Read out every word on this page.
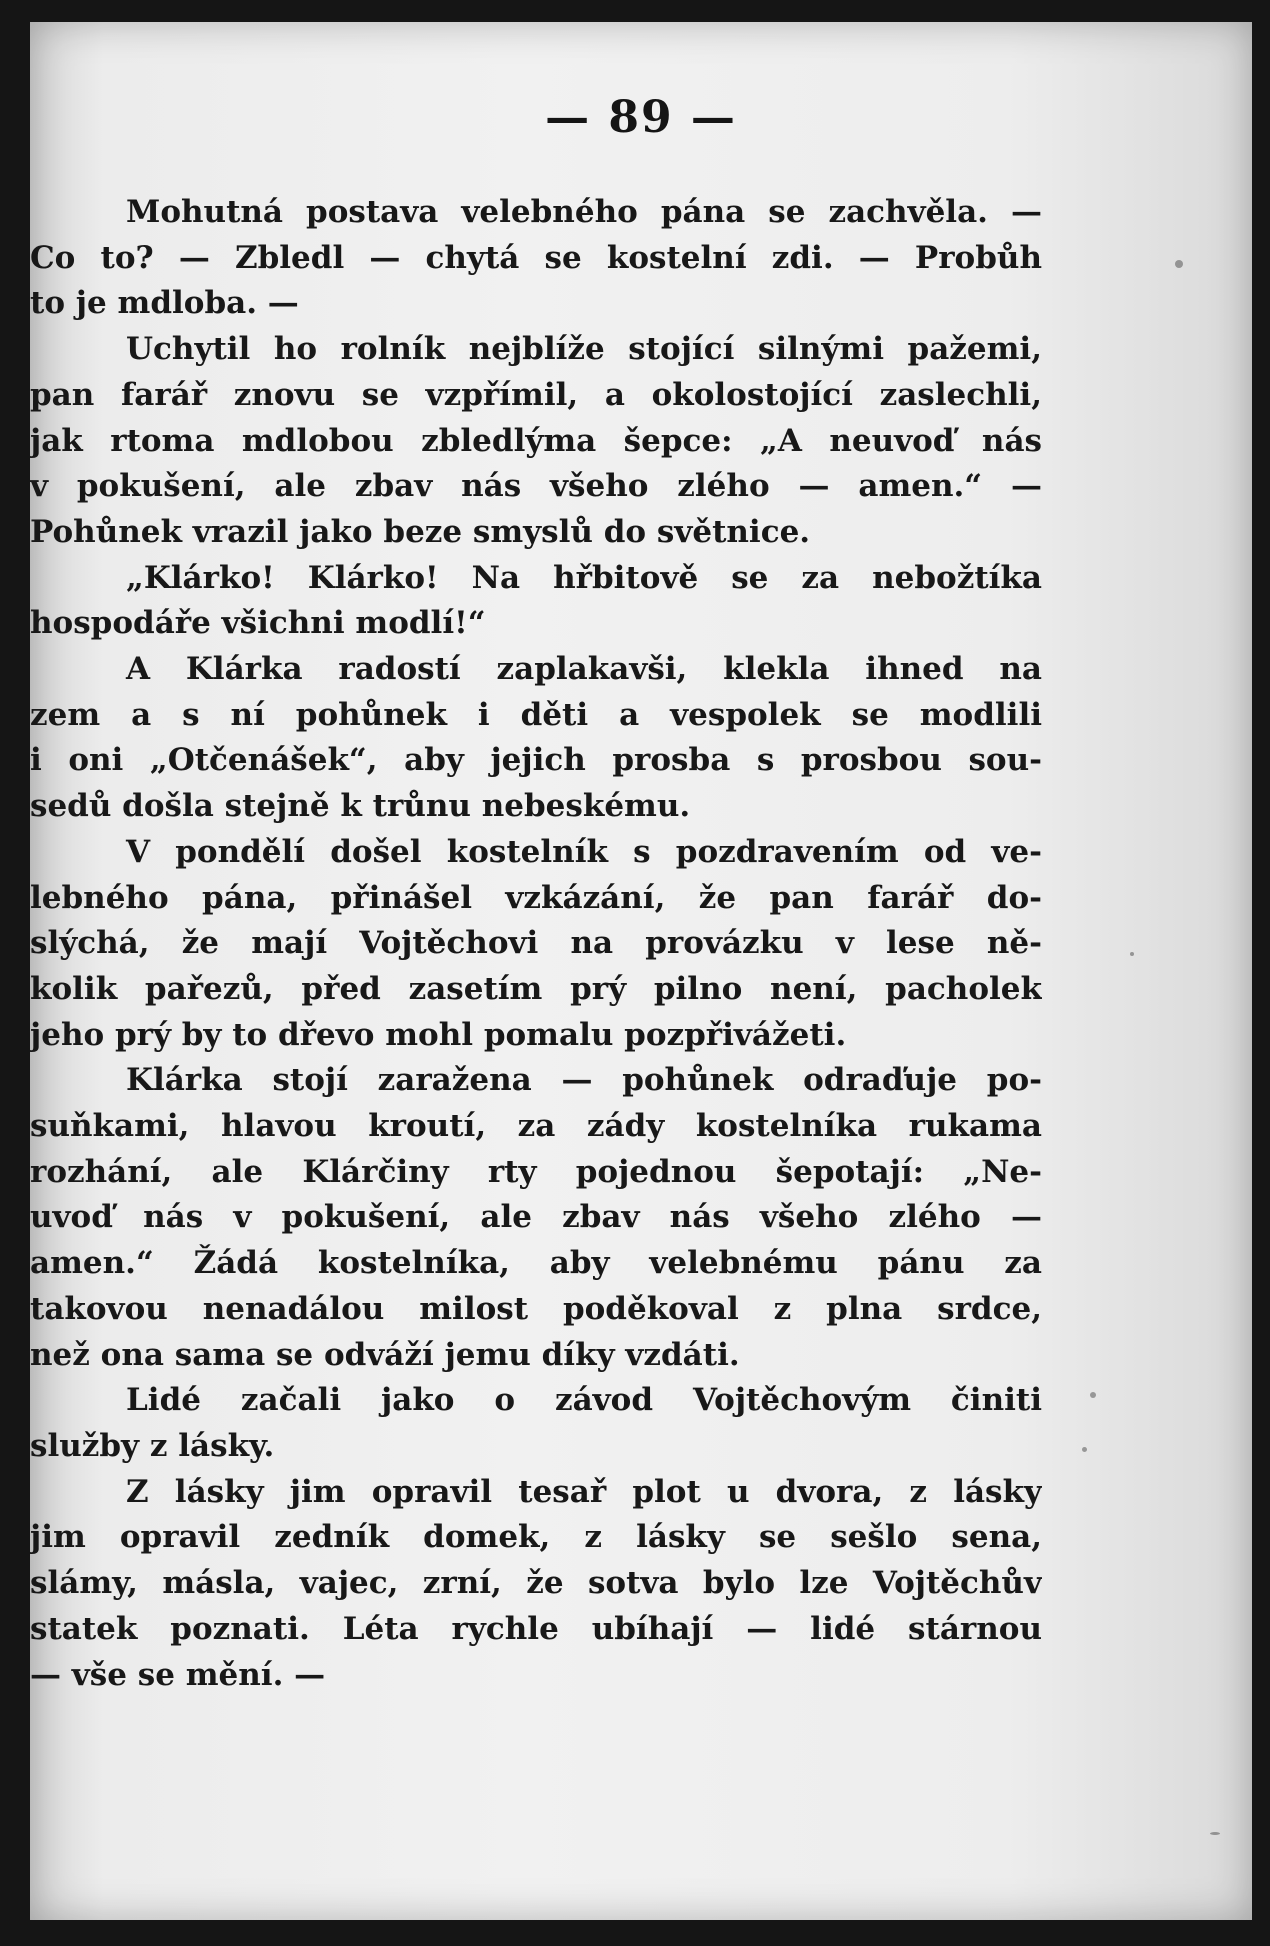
— 89 —
Mohutná postava velebného pána se zachvěla. —
Co to? — Zbledl — chytá se kostelní zdi. — Probůh
to je mdloba. —
Uchytil ho rolník nejblíže stojící silnými pažemi,
pan farář znovu se vzpřímil, a okolostojící zaslechli,
jak rtoma mdlobou zbledlýma šepce: „A neuvoď nás
v pokušení, ale zbav nás všeho zlého — amen.“ —
Pohůnek vrazil jako beze smyslů do světnice.
„Klárko! Klárko! Na hřbitově se za nebožtíka
hospodáře všichni modlí!“
A Klárka radostí zaplakavši, klekla ihned na
zem a s ní pohůnek i děti a vespolek se modlili
i oni „Otčenášek“, aby jejich prosba s prosbou sou-
sedů došla stejně k trůnu nebeskému.
V pondělí došel kostelník s pozdravením od ve-
lebného pána, přinášel vzkázání, že pan farář do-
slýchá, že mají Vojtěchovi na provázku v lese ně-
kolik pařezů, před zasetím prý pilno není, pacholek
jeho prý by to dřevo mohl pomalu pozpřivážeti.
Klárka stojí zaražena — pohůnek odraďuje po-
suňkami, hlavou kroutí, za zády kostelníka rukama
rozhání, ale Klárčiny rty pojednou šepotají: „Ne-
uvoď nás v pokušení, ale zbav nás všeho zlého —
amen.“ Žádá kostelníka, aby velebnému pánu za
takovou nenadálou milost poděkoval z plna srdce,
než ona sama se odváží jemu díky vzdáti.
Lidé začali jako o závod Vojtěchovým činiti
služby z lásky.
Z lásky jim opravil tesař plot u dvora, z lásky
jim opravil zedník domek, z lásky se sešlo sena,
slámy, másla, vajec, zrní, že sotva bylo lze Vojtěchův
statek poznati. Léta rychle ubíhají — lidé stárnou
— vše se mění. —
